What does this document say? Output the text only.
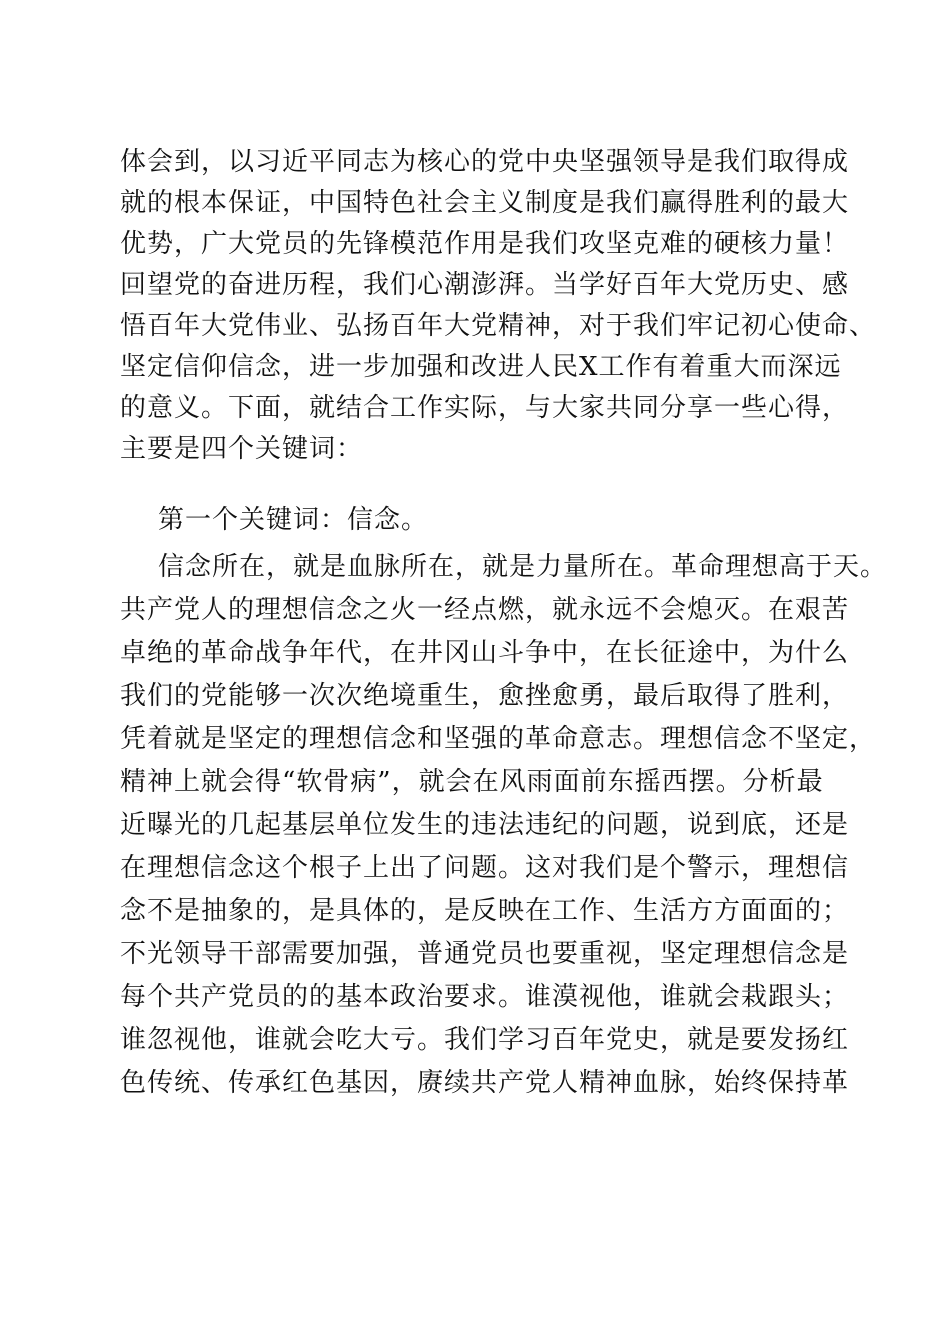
体会到，以习近平同志为核心的党中央坚强领导是我们取得成
就的根本保证，中国特色社会主义制度是我们赢得胜利的最大
优势，广大党员的先锋模范作用是我们攻坚克难的硬核力量！
回望党的奋进历程，我们心潮澎湃。当学好百年大党历史、感
悟百年大党伟业、弘扬百年大党精神，对于我们牢记初心使命、
坚定信仰信念，进一步加强和改进人民X工作有着重大而深远
的意义。下面，就结合工作实际，与大家共同分享一些心得，
主要是四个关键词：
第一个关键词：信念。
信念所在，就是血脉所在，就是力量所在。革命理想高于天。
共产党人的理想信念之火一经点燃，就永远不会熄灭。在艰苦
卓绝的革命战争年代，在井冈山斗争中，在长征途中，为什么
我们的党能够一次次绝境重生，愈挫愈勇，最后取得了胜利，
凭着就是坚定的理想信念和坚强的革命意志。理想信念不坚定，
精神上就会得“软骨病”，就会在风雨面前东摇西摆。分析最
近曝光的几起基层单位发生的违法违纪的问题，说到底，还是
在理想信念这个根子上出了问题。这对我们是个警示，理想信
念不是抽象的，是具体的，是反映在工作、生活方方面面的；
不光领导干部需要加强，普通党员也要重视，坚定理想信念是
每个共产党员的的基本政治要求。谁漠视他，谁就会栽跟头；
谁忽视他，谁就会吃大亏。我们学习百年党史，就是要发扬红
色传统、传承红色基因，赓续共产党人精神血脉，始终保持革
